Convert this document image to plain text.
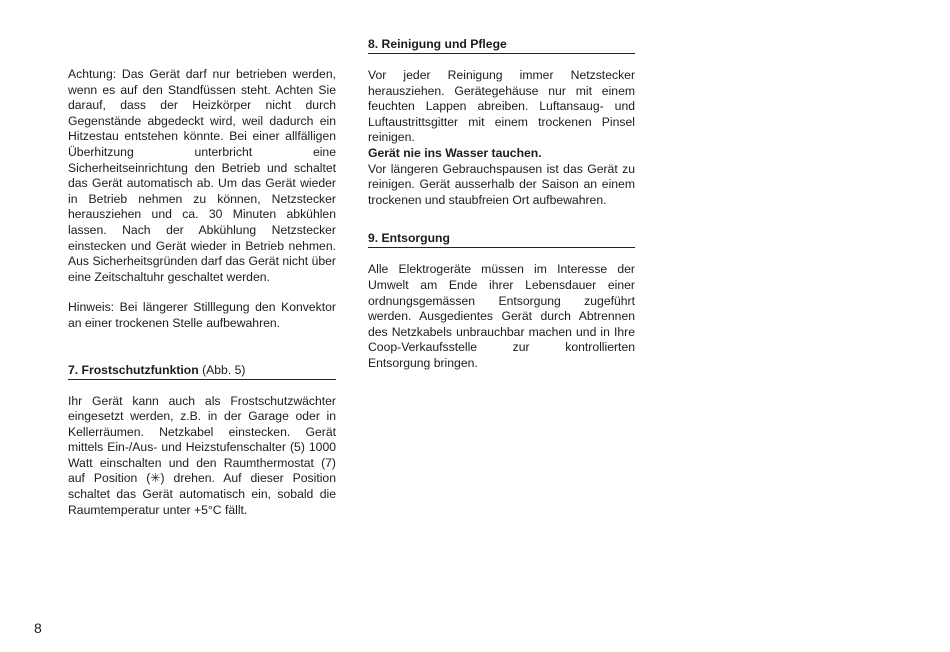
Achtung: Das Gerät darf nur betrieben werden, wenn es auf den Standfüssen steht. Achten Sie darauf, dass der Heizkörper nicht durch Gegenstände abgedeckt wird, weil dadurch ein Hitzestau entstehen könnte. Bei einer allfälligen Überhitzung unterbricht eine Sicherheitseinrichtung den Betrieb und schaltet das Gerät automatisch ab. Um das Gerät wieder in Betrieb nehmen zu können, Netzstecker herausziehen und ca. 30 Minuten abkühlen lassen. Nach der Abkühlung Netzstecker einstecken und Gerät wieder in Betrieb nehmen. Aus Sicherheitsgründen darf das Gerät nicht über eine Zeitschaltuhr geschaltet werden.

Hinweis: Bei längerer Stilllegung den Konvektor an einer trockenen Stelle aufbewahren.

7. Frostschutzfunktion (Abb. 5)

Ihr Gerät kann auch als Frostschutzwächter eingesetzt werden, z.B. in der Garage oder in Kellerräumen. Netzkabel einstecken. Gerät mittels Ein-/Aus- und Heizstufenschalter (5) 1000 Watt einschalten und den Raumthermostat (7) auf Position (✳) drehen. Auf dieser Position schaltet das Gerät automatisch ein, sobald die Raumtemperatur unter +5°C fällt.

8. Reinigung und Pflege

Vor jeder Reinigung immer Netzstecker herausziehen. Gerätegehäuse nur mit einem feuchten Lappen abreiben. Luftansaug- und Luftaustrittsgitter mit einem trockenen Pinsel reinigen.

Gerät nie ins Wasser tauchen.

Vor längeren Gebrauchspausen ist das Gerät zu reinigen. Gerät ausserhalb der Saison an einem trockenen und staubfreien Ort aufbewahren.

9. Entsorgung

Alle Elektrogeräte müssen im Interesse der Umwelt am Ende ihrer Lebensdauer einer ordnungsgemässen Entsorgung zugeführt werden. Ausgedientes Gerät durch Abtrennen des Netzkabels unbrauchbar machen und in Ihre Coop-Verkaufsstelle zur kontrollierten Entsorgung bringen.

8
